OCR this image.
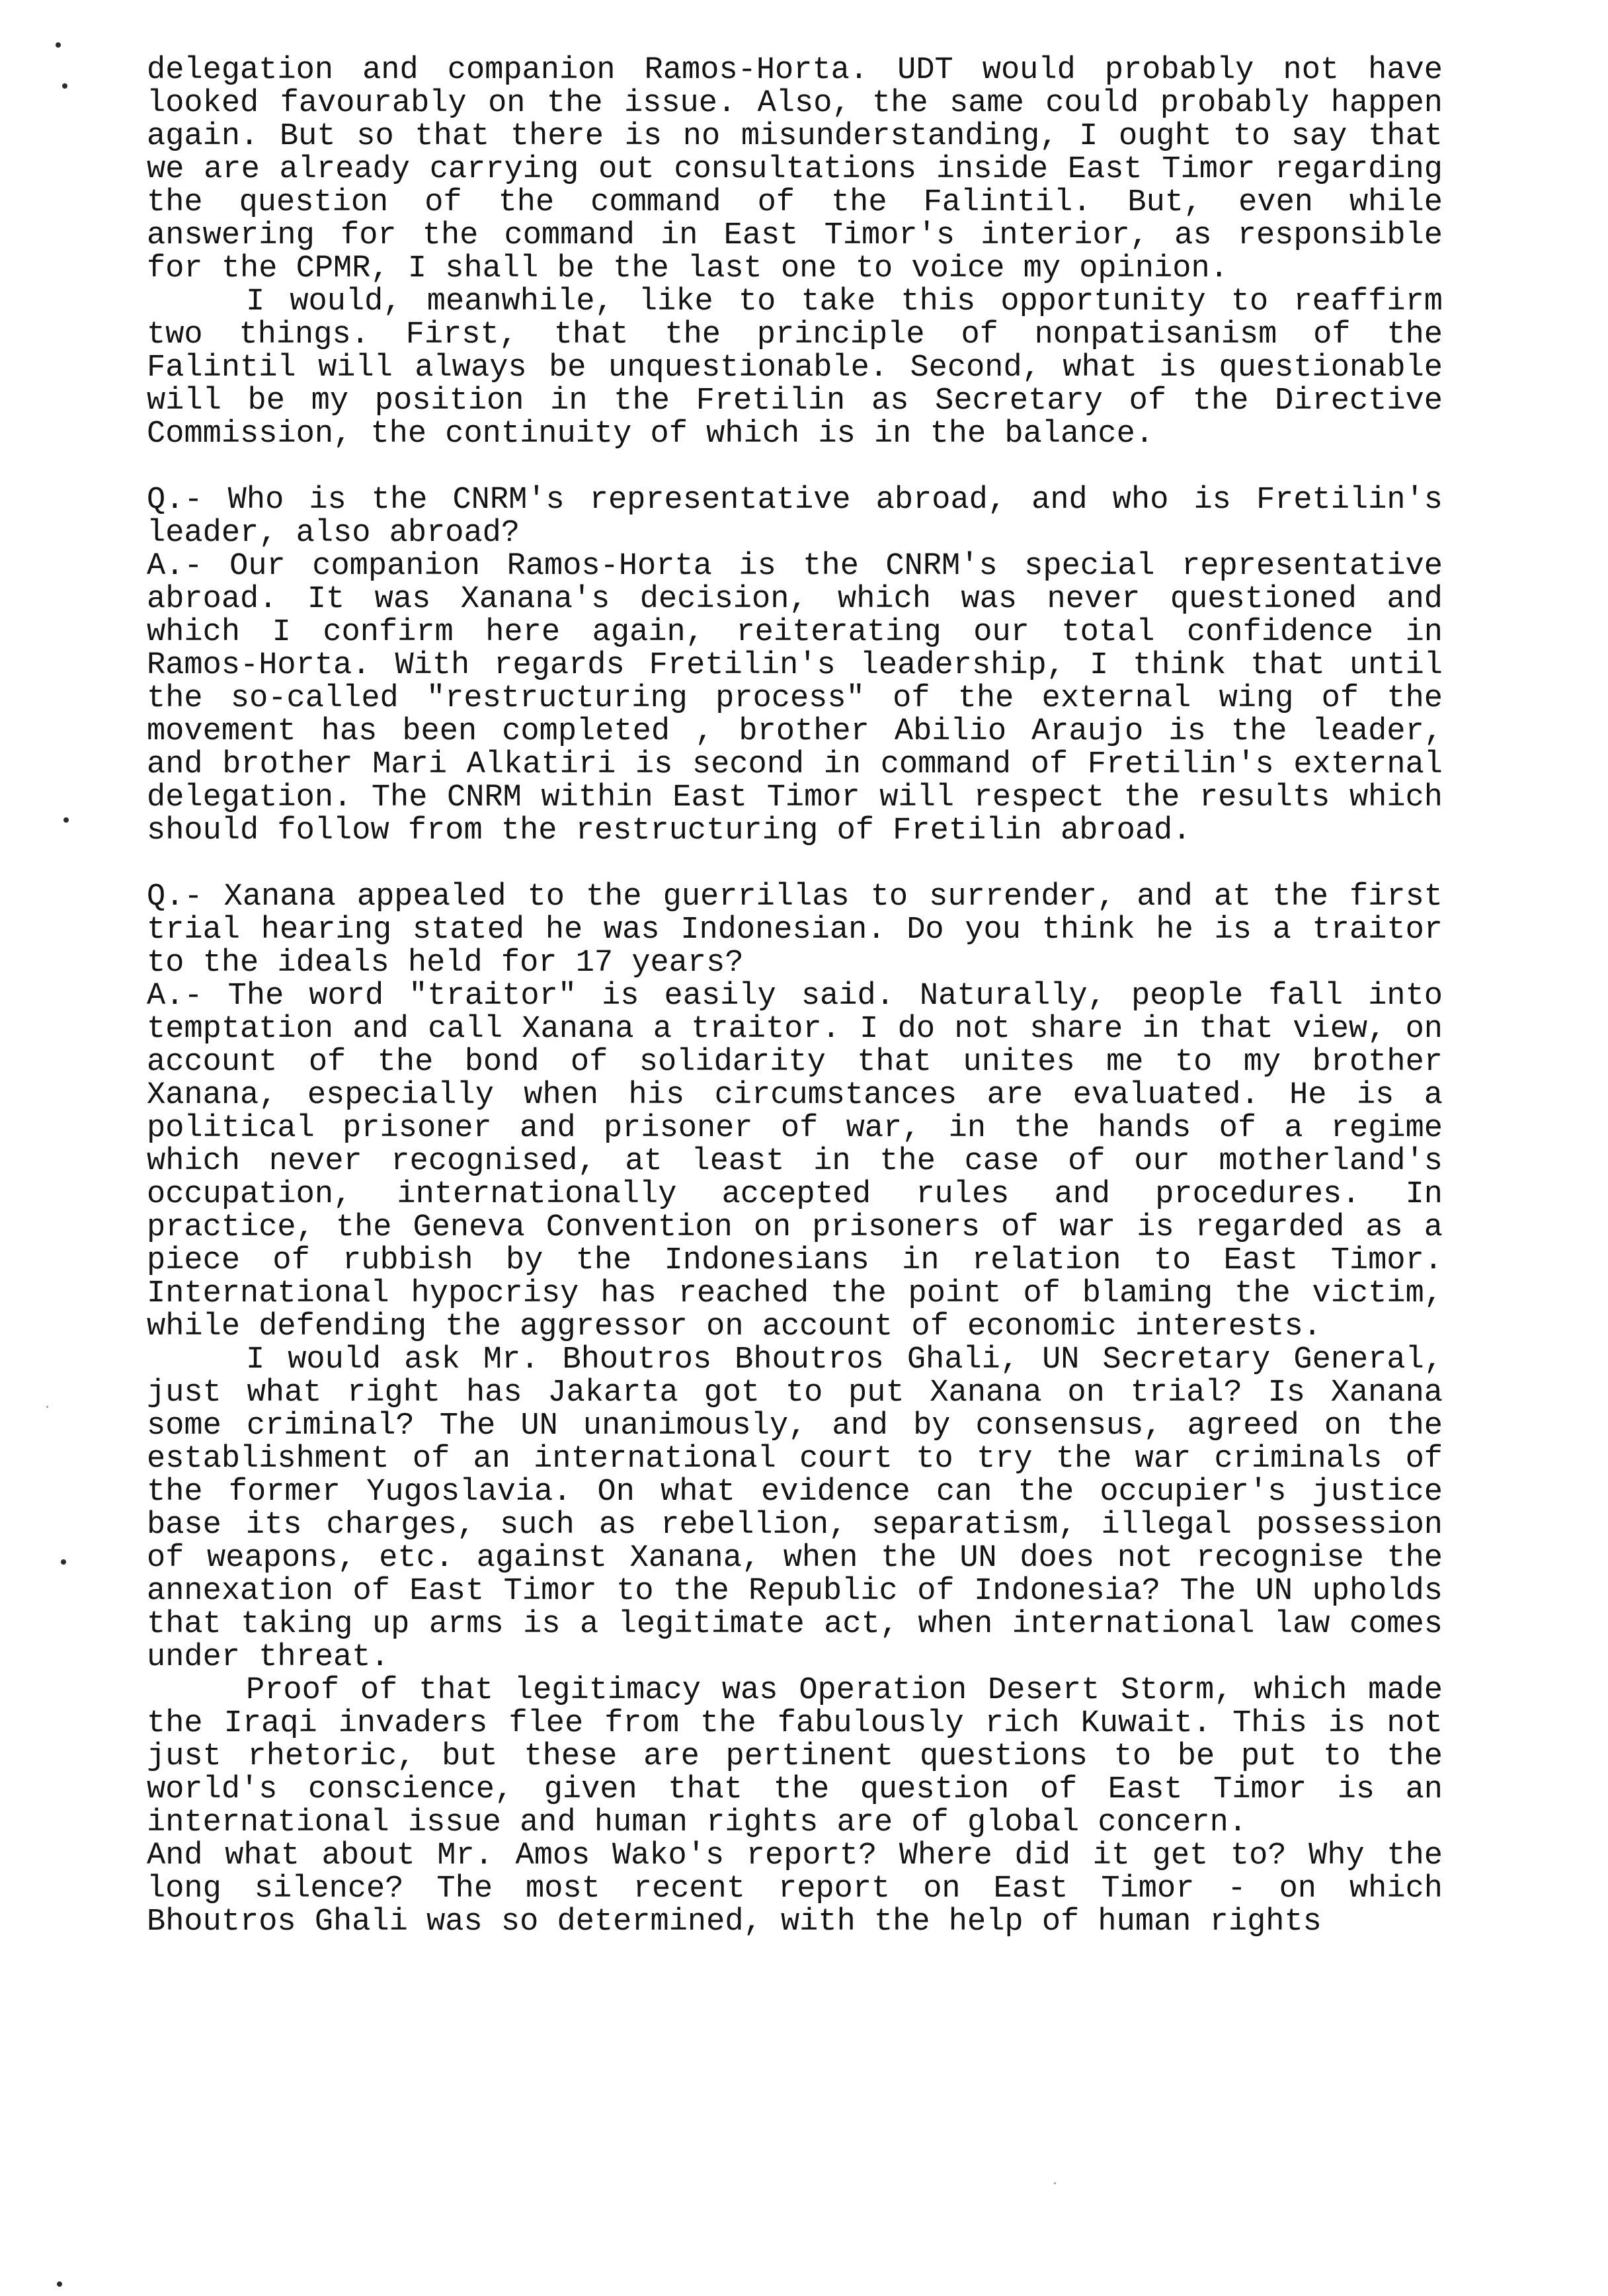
delegation and companion Ramos-Horta. UDT would probably not have looked favourably on the issue. Also, the same could probably happen again. But so that there is no misunderstanding, I ought to say that we are already carrying out consultations inside East Timor regarding the question of the command of the Falintil. But, even while answering for the command in East Timor's interior, as responsible for the CPMR, I shall be the last one to voice my opinion.

I would, meanwhile, like to take this opportunity to reaffirm two things. First, that the principle of nonpatisanism of the Falintil will always be unquestionable. Second, what is questionable will be my position in the Fretilin as Secretary of the Directive Commission, the continuity of which is in the balance.

Q.- Who is the CNRM's representative abroad, and who is Fretilin's leader, also abroad?

A.- Our companion Ramos-Horta is the CNRM's special representative abroad. It was Xanana's decision, which was never questioned and which I confirm here again, reiterating our total confidence in Ramos-Horta. With regards Fretilin's leadership, I think that until the so-called "restructuring process" of the external wing of the movement has been completed , brother Abilio Araujo is the leader, and brother Mari Alkatiri is second in command of Fretilin's external delegation. The CNRM within East Timor will respect the results which should follow from the restructuring of Fretilin abroad.

Q.- Xanana appealed to the guerrillas to surrender, and at the first trial hearing stated he was Indonesian. Do you think he is a traitor to the ideals held for 17 years?

A.- The word "traitor" is easily said. Naturally, people fall into temptation and call Xanana a traitor. I do not share in that view, on account of the bond of solidarity that unites me to my brother Xanana, especially when his circumstances are evaluated. He is a political prisoner and prisoner of war, in the hands of a regime which never recognised, at least in the case of our motherland's occupation, internationally accepted rules and procedures. In practice, the Geneva Convention on prisoners of war is regarded as a piece of rubbish by the Indonesians in relation to East Timor. International hypocrisy has reached the point of blaming the victim, while defending the aggressor on account of economic interests.

I would ask Mr. Bhoutros Bhoutros Ghali, UN Secretary General, just what right has Jakarta got to put Xanana on trial? Is Xanana some criminal? The UN unanimously, and by consensus, agreed on the establishment of an international court to try the war criminals of the former Yugoslavia. On what evidence can the occupier's justice base its charges, such as rebellion, separatism, illegal possession of weapons, etc. against Xanana, when the UN does not recognise the annexation of East Timor to the Republic of Indonesia? The UN upholds that taking up arms is a legitimate act, when international law comes under threat.

Proof of that legitimacy was Operation Desert Storm, which made the Iraqi invaders flee from the fabulously rich Kuwait. This is not just rhetoric, but these are pertinent questions to be put to the world's conscience, given that the question of East Timor is an international issue and human rights are of global concern.

And what about Mr. Amos Wako's report? Where did it get to? Why the long silence? The most recent report on East Timor - on which Bhoutros Ghali was so determined, with the help of human rights
